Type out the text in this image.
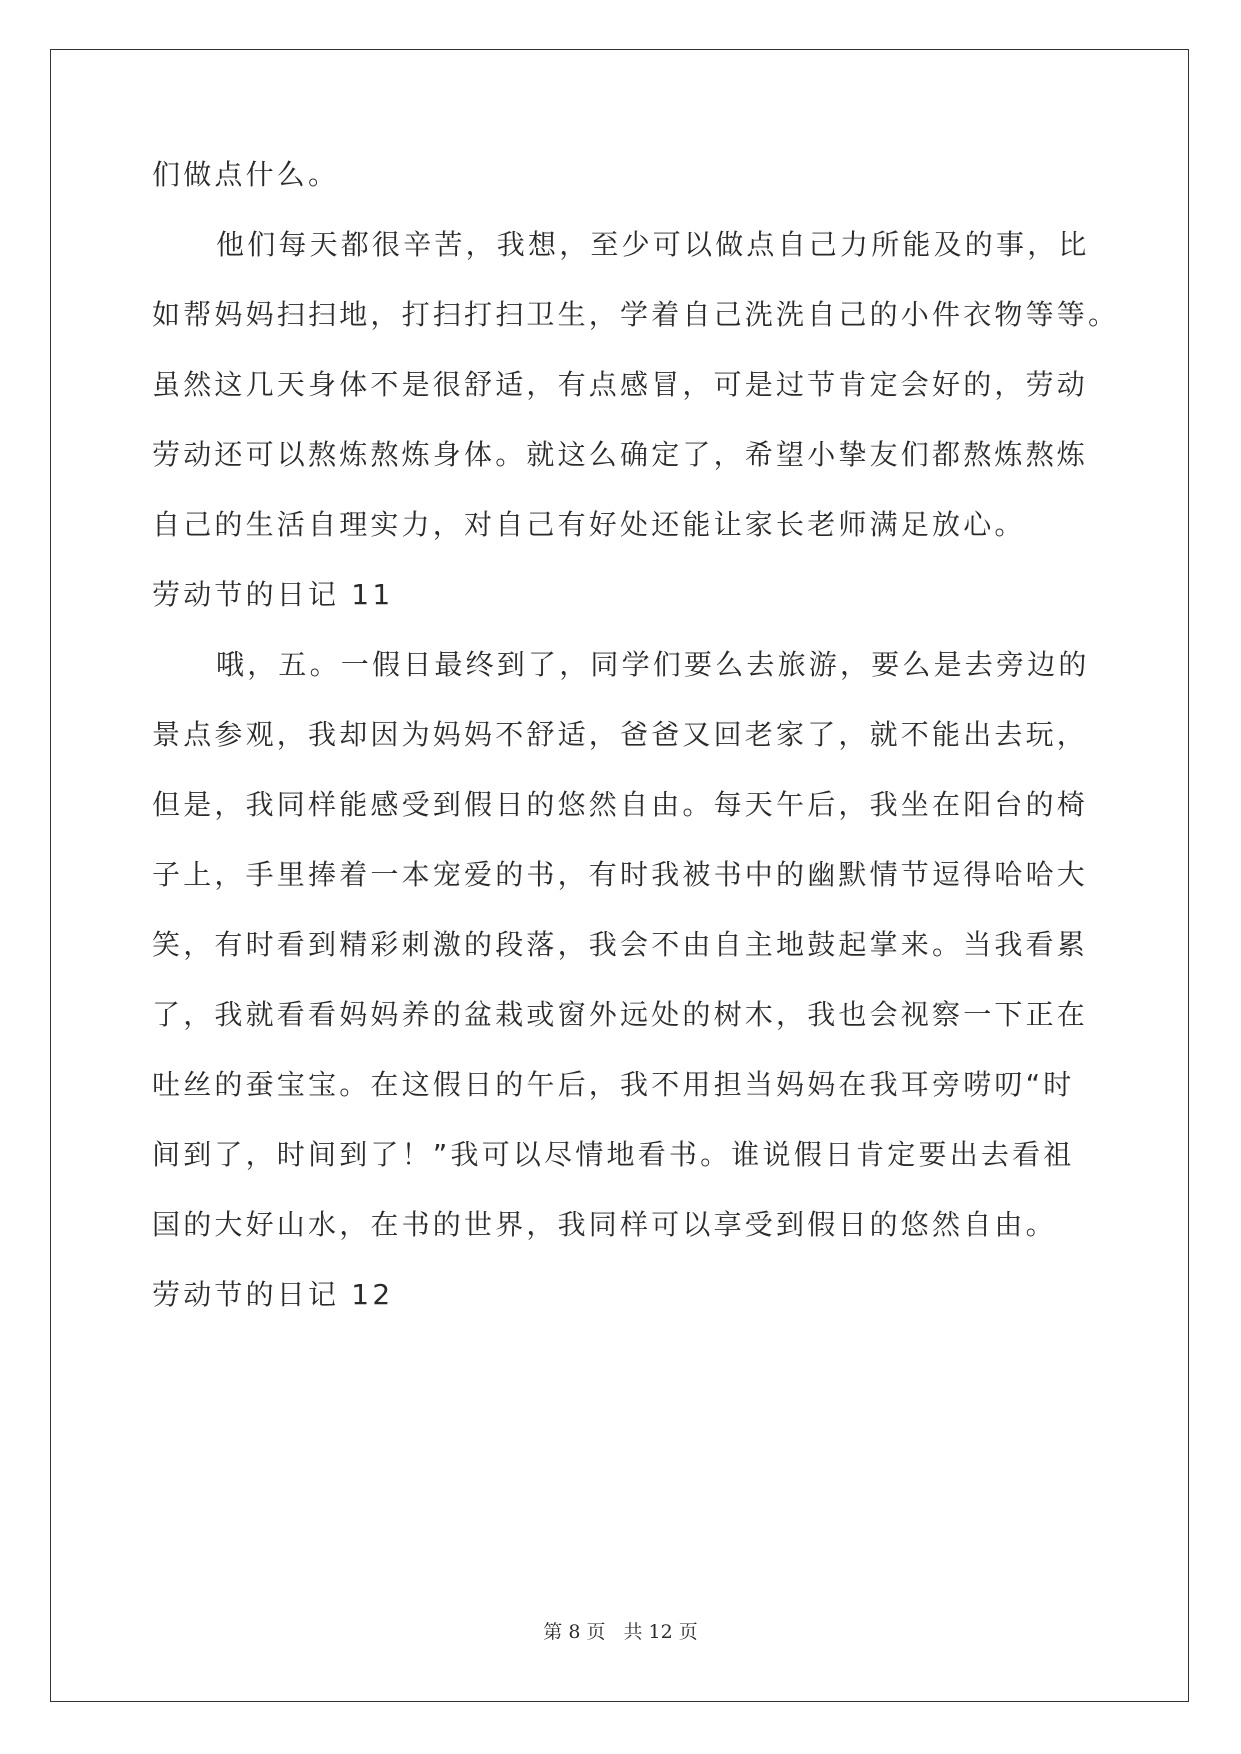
们做点什么。
他们每天都很辛苦，我想，至少可以做点自己力所能及的事，比
如帮妈妈扫扫地，打扫打扫卫生，学着自己洗洗自己的小件衣物等等。
虽然这几天身体不是很舒适，有点感冒，可是过节肯定会好的，劳动
劳动还可以熬炼熬炼身体。就这么确定了，希望小挚友们都熬炼熬炼
自己的生活自理实力，对自己有好处还能让家长老师满足放心。
劳动节的日记 11
哦，五。一假日最终到了，同学们要么去旅游，要么是去旁边的
景点参观，我却因为妈妈不舒适，爸爸又回老家了，就不能出去玩，
但是，我同样能感受到假日的悠然自由。每天午后，我坐在阳台的椅
子上，手里捧着一本宠爱的书，有时我被书中的幽默情节逗得哈哈大
笑，有时看到精彩刺激的段落，我会不由自主地鼓起掌来。当我看累
了，我就看看妈妈养的盆栽或窗外远处的树木，我也会视察一下正在
吐丝的蚕宝宝。在这假日的午后，我不用担当妈妈在我耳旁唠叨“时
间到了，时间到了！”我可以尽情地看书。谁说假日肯定要出去看祖
国的大好山水，在书的世界，我同样可以享受到假日的悠然自由。
劳动节的日记 12
第 8 页 共 12 页
